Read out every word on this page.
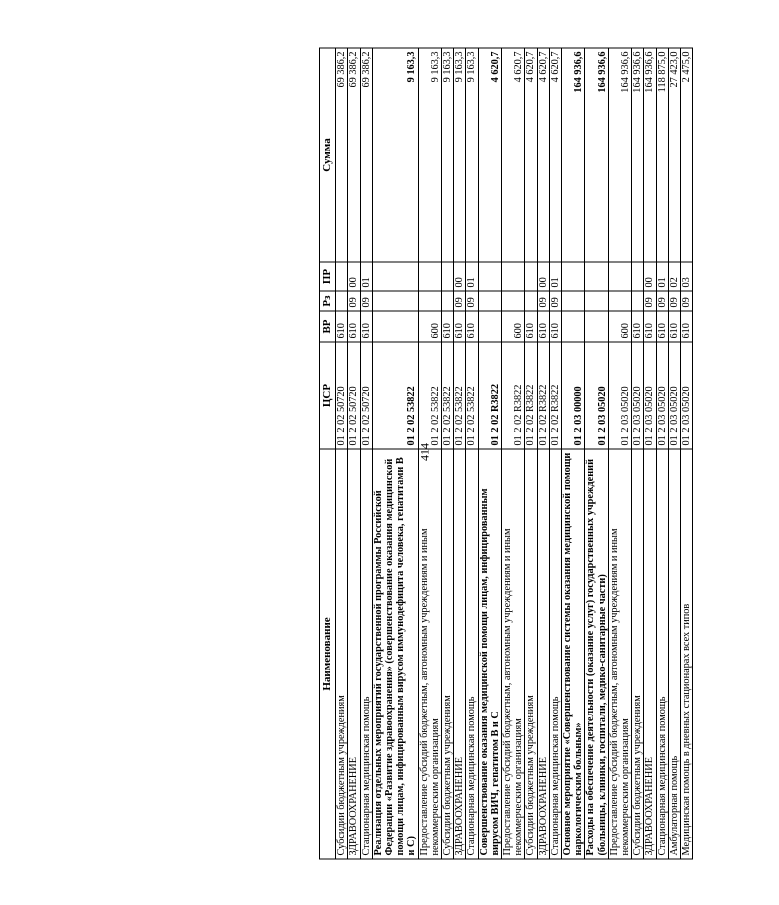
414
Наименование	ЦСР	ВР	Рз	ПР	Сумма
Субсидии бюджетным учреждениям	01 2 02 50720	610			69 386,2
ЗДРАВООХРАНЕНИЕ	01 2 02 50720	610	09	00	69 386,2
Стационарная медицинская помощь	01 2 02 50720	610	09	01	69 386,2
Реализация отдельных мероприятий государственной программы Российской Федерации «Развитие здравоохранения» (совершенствование оказания медицинской помощи лицам, инфицированным вирусом иммунодефицита человека, гепатитами B и C)	01 2 02 53822				9 163,3
Предоставление субсидий бюджетным, автономным учреждениям и иным некоммерческим организациям	01 2 02 53822	600			9 163,3
Субсидии бюджетным учреждениям	01 2 02 53822	610			9 163,3
ЗДРАВООХРАНЕНИЕ	01 2 02 53822	610	09	00	9 163,3
Стационарная медицинская помощь	01 2 02 53822	610	09	01	9 163,3
Совершенствование оказания медицинской помощи лицам, инфицированным вирусом ВИЧ, гепатитом В и С	01 2 02 R3822				4 620,7
Предоставление субсидий бюджетным, автономным учреждениям и иным некоммерческим организациям	01 2 02 R3822	600			4 620,7
Субсидии бюджетным учреждениям	01 2 02 R3822	610			4 620,7
ЗДРАВООХРАНЕНИЕ	01 2 02 R3822	610	09	00	4 620,7
Стационарная медицинская помощь	01 2 02 R3822	610	09	01	4 620,7
Основное мероприятие «Совершенствование системы оказания медицинской помощи наркологическим больным»	01 2 03 00000				164 936,6
Расходы на обеспечение деятельности (оказание услуг) государственных учреждений (больницы, клиники, госпитали, медико-санитарные части)	01 2 03 05020				164 936,6
Предоставление субсидий бюджетным, автономным учреждениям и иным некоммерческим организациям	01 2 03 05020	600			164 936,6
Субсидии бюджетным учреждениям	01 2 03 05020	610			164 936,6
ЗДРАВООХРАНЕНИЕ	01 2 03 05020	610	09	00	164 936,6
Стационарная медицинская помощь	01 2 03 05020	610	09	01	118 875,0
Амбулаторная помощь	01 2 03 05020	610	09	02	27 423,0
Медицинская помощь в дневных стационарах всех типов	01 2 03 05020	610	09	03	2 475,0
